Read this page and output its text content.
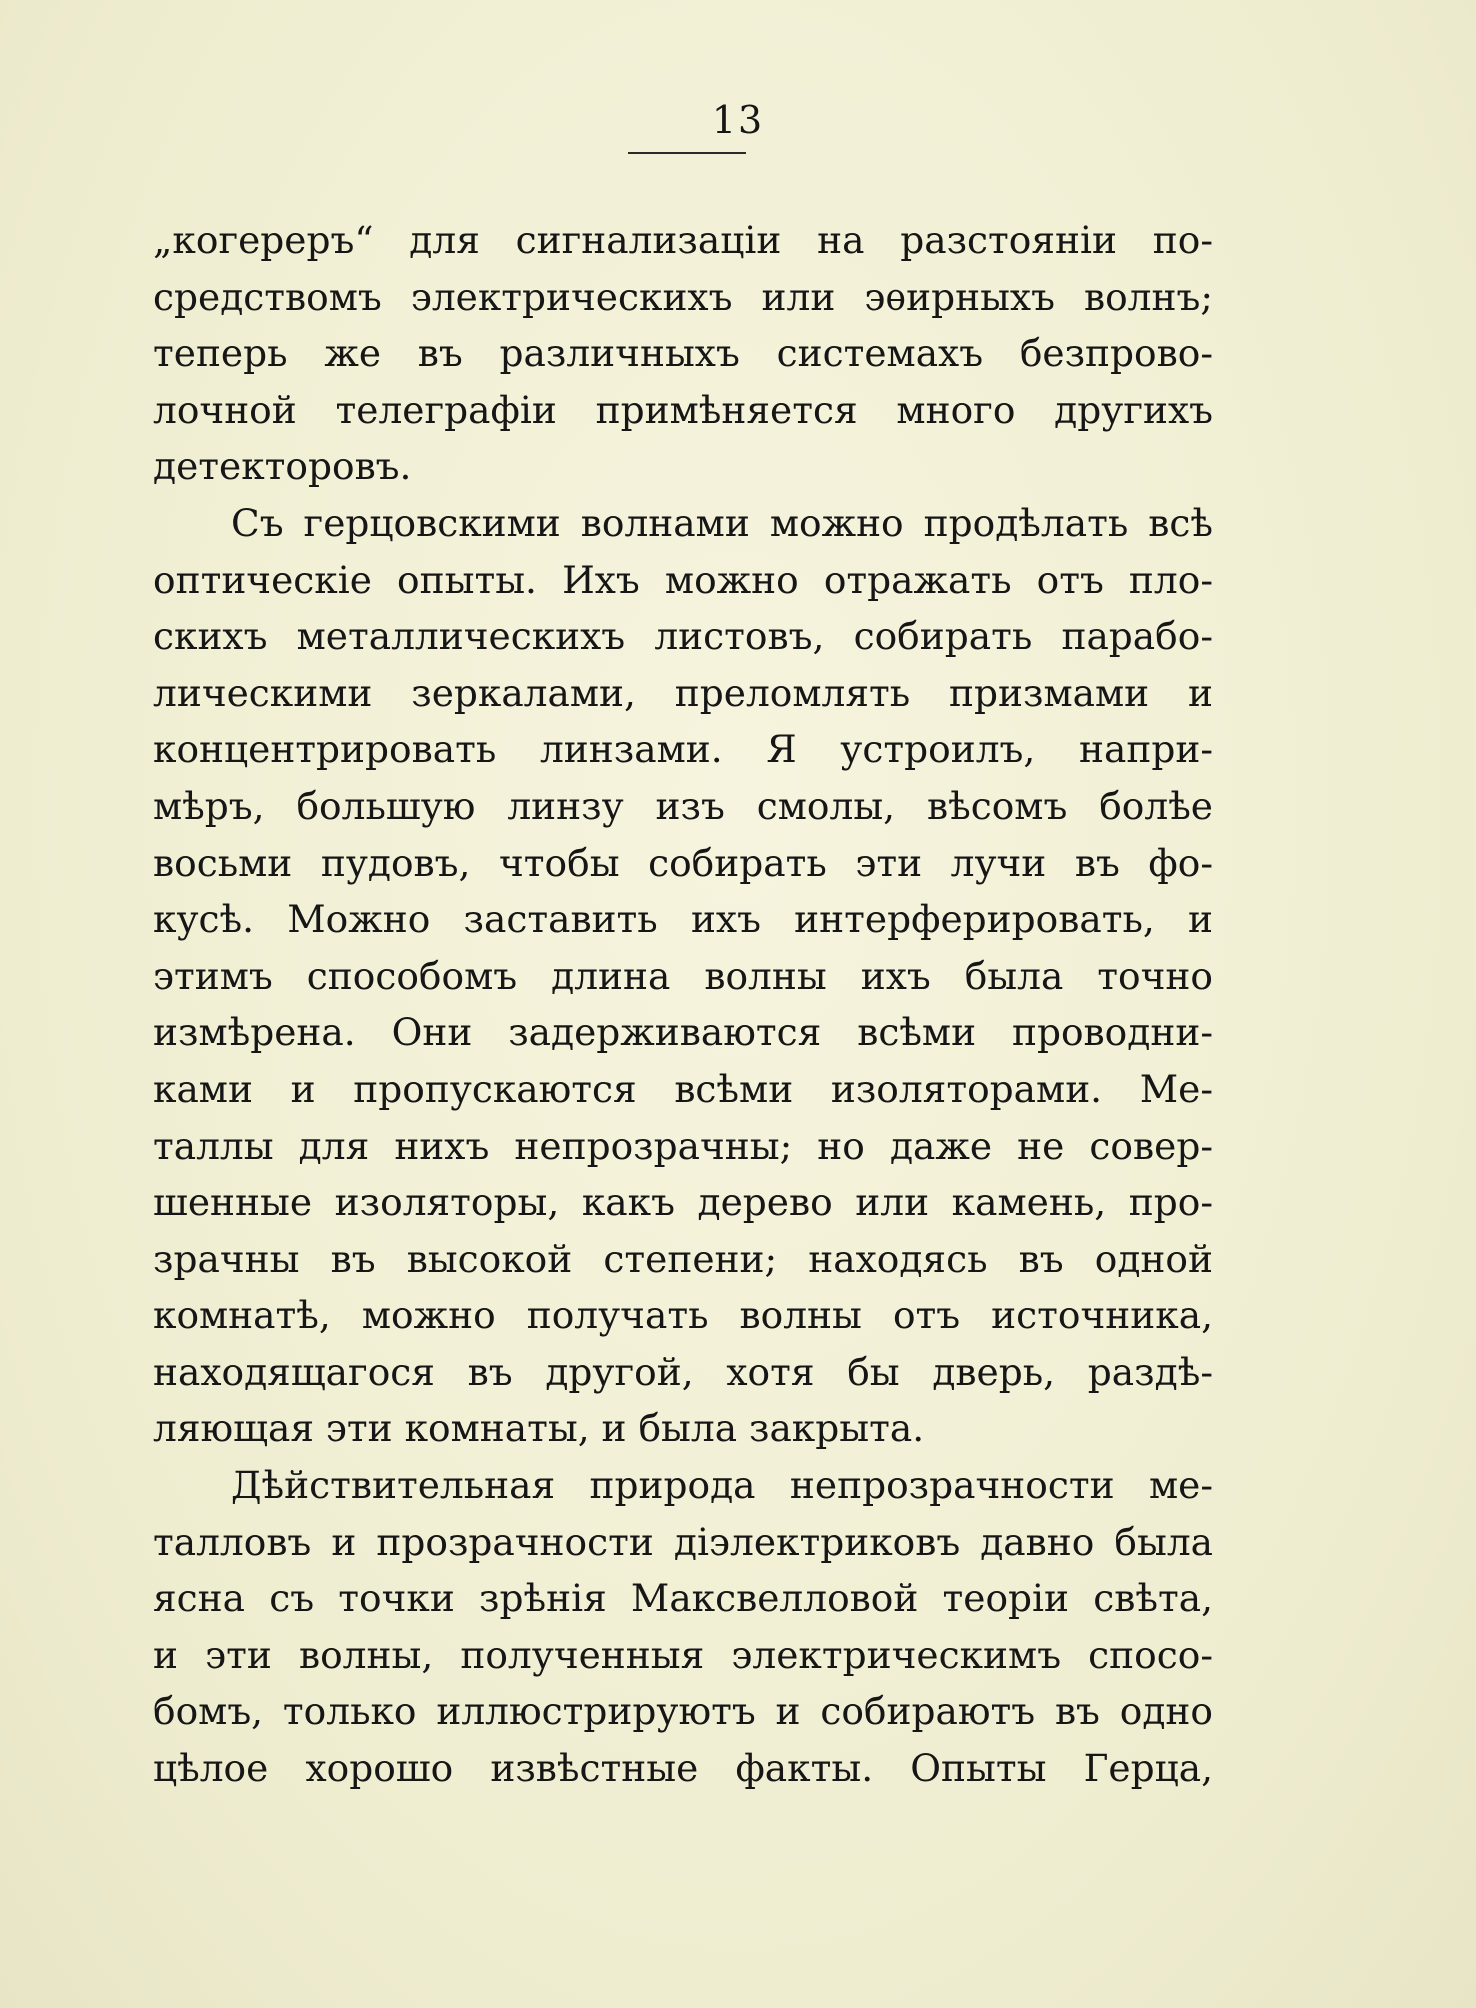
13
„когереръ“ для сигнализаціи на разстояніи по-
средствомъ электрическихъ или эѳирныхъ волнъ;
теперь же въ различныхъ системахъ безпрово-
лочной телеграфіи примѣняется много другихъ
детекторовъ.
Съ герцовскими волнами можно продѣлать всѣ
оптическіе опыты. Ихъ можно отражать отъ пло-
скихъ металлическихъ листовъ, собирать парабо-
лическими зеркалами, преломлять призмами и
концентрировать линзами. Я устроилъ, напри-
мѣръ, большую линзу изъ смолы, вѣсомъ болѣе
восьми пудовъ, чтобы собирать эти лучи въ фо-
кусѣ. Можно заставить ихъ интерферировать, и
этимъ способомъ длина волны ихъ была точно
измѣрена. Они задерживаются всѣми проводни-
ками и пропускаются всѣми изоляторами. Ме-
таллы для нихъ непрозрачны; но даже не совер-
шенные изоляторы, какъ дерево или камень, про-
зрачны въ высокой степени; находясь въ одной
комнатѣ, можно получать волны отъ источника,
находящагося въ другой, хотя бы дверь, раздѣ-
ляющая эти комнаты, и была закрыта.
Дѣйствительная природа непрозрачности ме-
талловъ и прозрачности діэлектриковъ давно была
ясна съ точки зрѣнія Максвелловой теоріи свѣта,
и эти волны, полученныя электрическимъ спосо-
бомъ, только иллюстрируютъ и собираютъ въ одно
цѣлое хорошо извѣстные факты. Опыты Герца,
